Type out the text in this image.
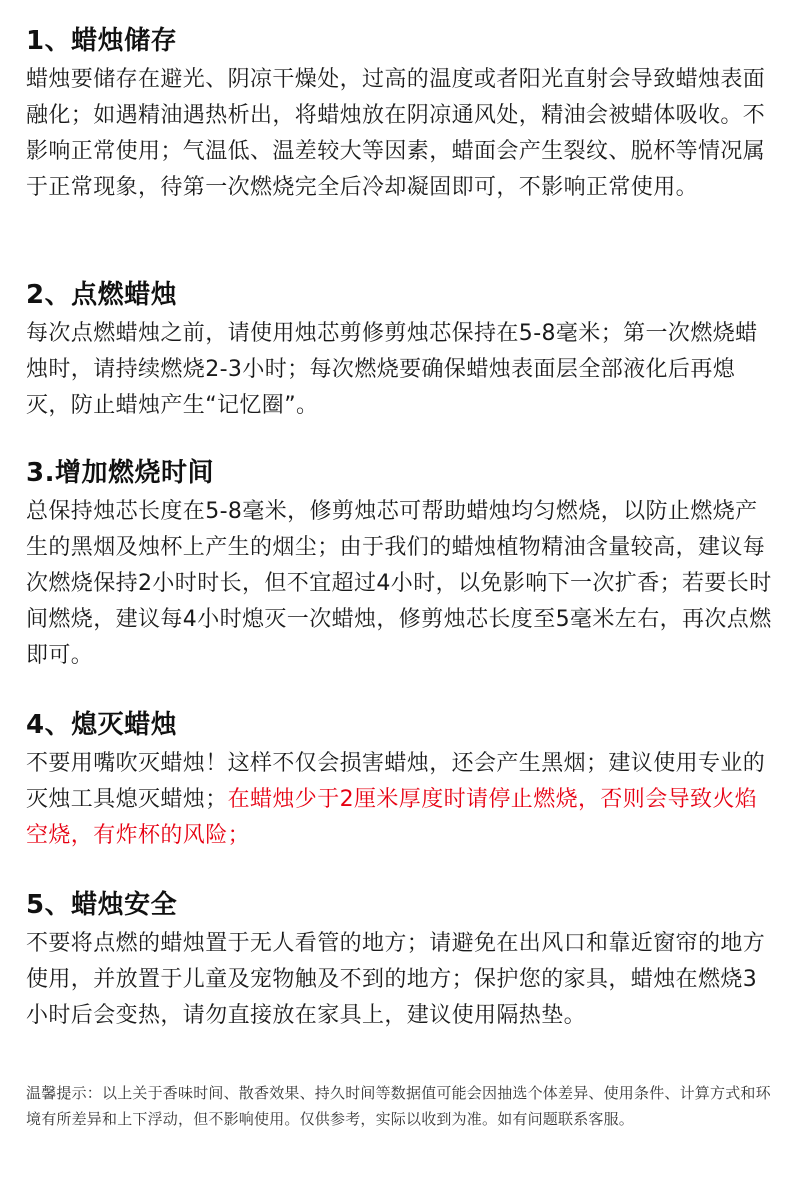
1、蜡烛储存

蜡烛要储存在避光、阴凉干燥处，过高的温度或者阳光直射会导致蜡烛表面融化；如遇精油遇热析出，将蜡烛放在阴凉通风处，精油会被蜡体吸收。不影响正常使用；气温低、温差较大等因素，蜡面会产生裂纹、脱杯等情况属于正常现象，待第一次燃烧完全后冷却凝固即可，不影响正常使用。

2、点燃蜡烛

每次点燃蜡烛之前，请使用烛芯剪修剪烛芯保持在5-8毫米；第一次燃烧蜡烛时，请持续燃烧2-3小时；每次燃烧要确保蜡烛表面层全部液化后再熄灭，防止蜡烛产生“记忆圈”。

3.增加燃烧时间

总保持烛芯长度在5-8毫米，修剪烛芯可帮助蜡烛均匀燃烧，以防止燃烧产生的黑烟及烛杯上产生的烟尘；由于我们的蜡烛植物精油含量较高，建议每次燃烧保持2小时时长，但不宜超过4小时，以免影响下一次扩香；若要长时间燃烧，建议每4小时熄灭一次蜡烛，修剪烛芯长度至5毫米左右，再次点燃即可。

4、熄灭蜡烛

不要用嘴吹灭蜡烛！这样不仅会损害蜡烛，还会产生黑烟；建议使用专业的灭烛工具熄灭蜡烛；在蜡烛少于2厘米厚度时请停止燃烧，否则会导致火焰空烧，有炸杯的风险；

5、蜡烛安全

不要将点燃的蜡烛置于无人看管的地方；请避免在出风口和靠近窗帘的地方使用，并放置于儿童及宠物触及不到的地方；保护您的家具，蜡烛在燃烧3小时后会变热，请勿直接放在家具上，建议使用隔热垫。

温馨提示：以上关于香味时间、散香效果、持久时间等数据值可能会因抽选个体差异、使用条件、计算方式和环境有所差异和上下浮动，但不影响使用。仅供参考，实际以收到为准。如有问题联系客服。
